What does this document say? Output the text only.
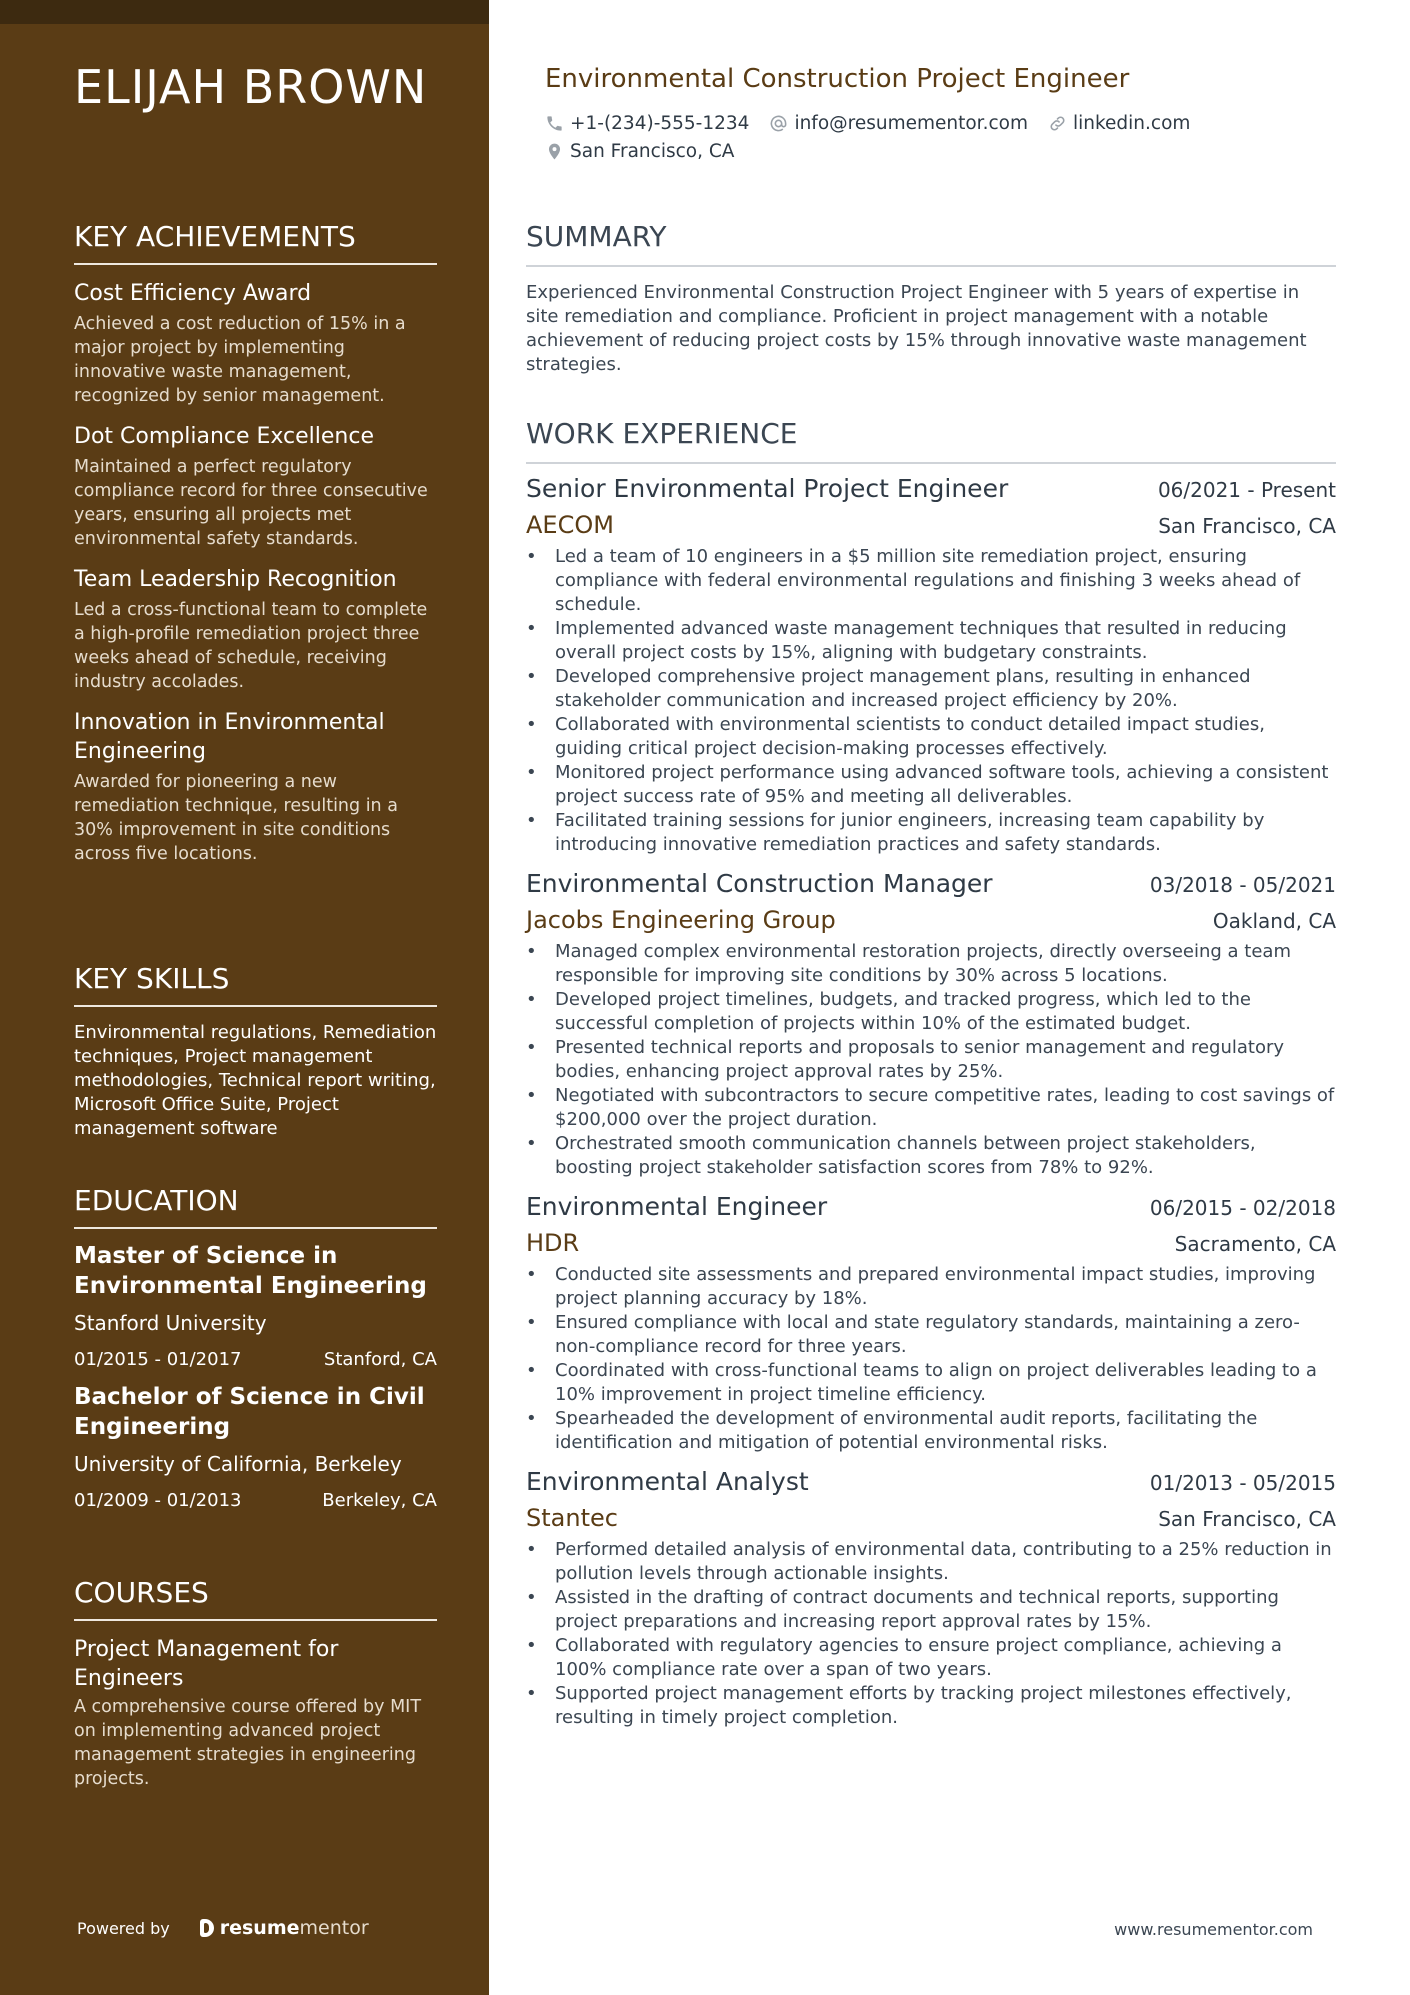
ELIJAH BROWN
KEY ACHIEVEMENTS
Cost Efficiency Award
Achieved a cost reduction of 15% in a major project by implementing innovative waste management, recognized by senior management.
Dot Compliance Excellence
Maintained a perfect regulatory compliance record for three consecutive years, ensuring all projects met environmental safety standards.
Team Leadership Recognition
Led a cross-functional team to complete a high-profile remediation project three weeks ahead of schedule, receiving industry accolades.
Innovation in Environmental Engineering
Awarded for pioneering a new remediation technique, resulting in a 30% improvement in site conditions across five locations.
KEY SKILLS
Environmental regulations, Remediation techniques, Project management methodologies, Technical report writing, Microsoft Office Suite, Project management software
EDUCATION
Master of Science in Environmental Engineering
Stanford University
01/2015 - 01/2017	Stanford, CA
Bachelor of Science in Civil Engineering
University of California, Berkeley
01/2009 - 01/2013	Berkeley, CA
COURSES
Project Management for Engineers
A comprehensive course offered by MIT on implementing advanced project management strategies in engineering projects.
Powered by	resumementor
Environmental Construction Project Engineer
+1-(234)-555-1234 info@resumementor.com linkedin.com
San Francisco, CA
SUMMARY
Experienced Environmental Construction Project Engineer with 5 years of expertise in site remediation and compliance. Proficient in project management with a notable achievement of reducing project costs by 15% through innovative waste management strategies.
WORK EXPERIENCE
Senior Environmental Project Engineer	06/2021 - Present
AECOM	San Francisco, CA
• Led a team of 10 engineers in a $5 million site remediation project, ensuring compliance with federal environmental regulations and finishing 3 weeks ahead of schedule.
• Implemented advanced waste management techniques that resulted in reducing overall project costs by 15%, aligning with budgetary constraints.
• Developed comprehensive project management plans, resulting in enhanced stakeholder communication and increased project efficiency by 20%.
• Collaborated with environmental scientists to conduct detailed impact studies, guiding critical project decision-making processes effectively.
• Monitored project performance using advanced software tools, achieving a consistent project success rate of 95% and meeting all deliverables.
• Facilitated training sessions for junior engineers, increasing team capability by introducing innovative remediation practices and safety standards.
Environmental Construction Manager	03/2018 - 05/2021
Jacobs Engineering Group	Oakland, CA
• Managed complex environmental restoration projects, directly overseeing a team responsible for improving site conditions by 30% across 5 locations.
• Developed project timelines, budgets, and tracked progress, which led to the successful completion of projects within 10% of the estimated budget.
• Presented technical reports and proposals to senior management and regulatory bodies, enhancing project approval rates by 25%.
• Negotiated with subcontractors to secure competitive rates, leading to cost savings of $200,000 over the project duration.
• Orchestrated smooth communication channels between project stakeholders, boosting project stakeholder satisfaction scores from 78% to 92%.
Environmental Engineer	06/2015 - 02/2018
HDR	Sacramento, CA
• Conducted site assessments and prepared environmental impact studies, improving project planning accuracy by 18%.
• Ensured compliance with local and state regulatory standards, maintaining a zero-non-compliance record for three years.
• Coordinated with cross-functional teams to align on project deliverables leading to a 10% improvement in project timeline efficiency.
• Spearheaded the development of environmental audit reports, facilitating the identification and mitigation of potential environmental risks.
Environmental Analyst	01/2013 - 05/2015
Stantec	San Francisco, CA
• Performed detailed analysis of environmental data, contributing to a 25% reduction in pollution levels through actionable insights.
• Assisted in the drafting of contract documents and technical reports, supporting project preparations and increasing report approval rates by 15%.
• Collaborated with regulatory agencies to ensure project compliance, achieving a 100% compliance rate over a span of two years.
• Supported project management efforts by tracking project milestones effectively, resulting in timely project completion.
www.resumementor.com
